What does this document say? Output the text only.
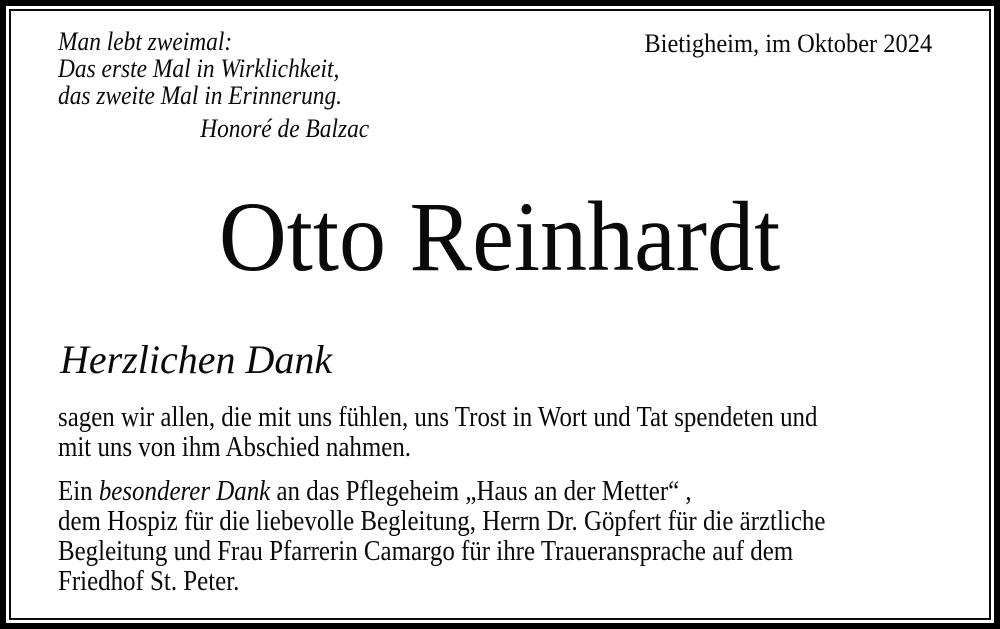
Man lebt zweimal:
Das erste Mal in Wirklichkeit,
das zweite Mal in Erinnerung.
Honoré de Balzac
Bietigheim, im Oktober 2024
Otto Reinhardt
Herzlichen Dank
sagen wir allen, die mit uns fühlen, uns Trost in Wort und Tat spendeten und
mit uns von ihm Abschied nahmen.
Ein besonderer Dank an das Pflegeheim „Haus an der Metter“ ,
dem Hospiz für die liebevolle Begleitung, Herrn Dr. Göpfert für die ärztliche
Begleitung und Frau Pfarrerin Camargo für ihre Traueransprache auf dem
Friedhof St. Peter.
